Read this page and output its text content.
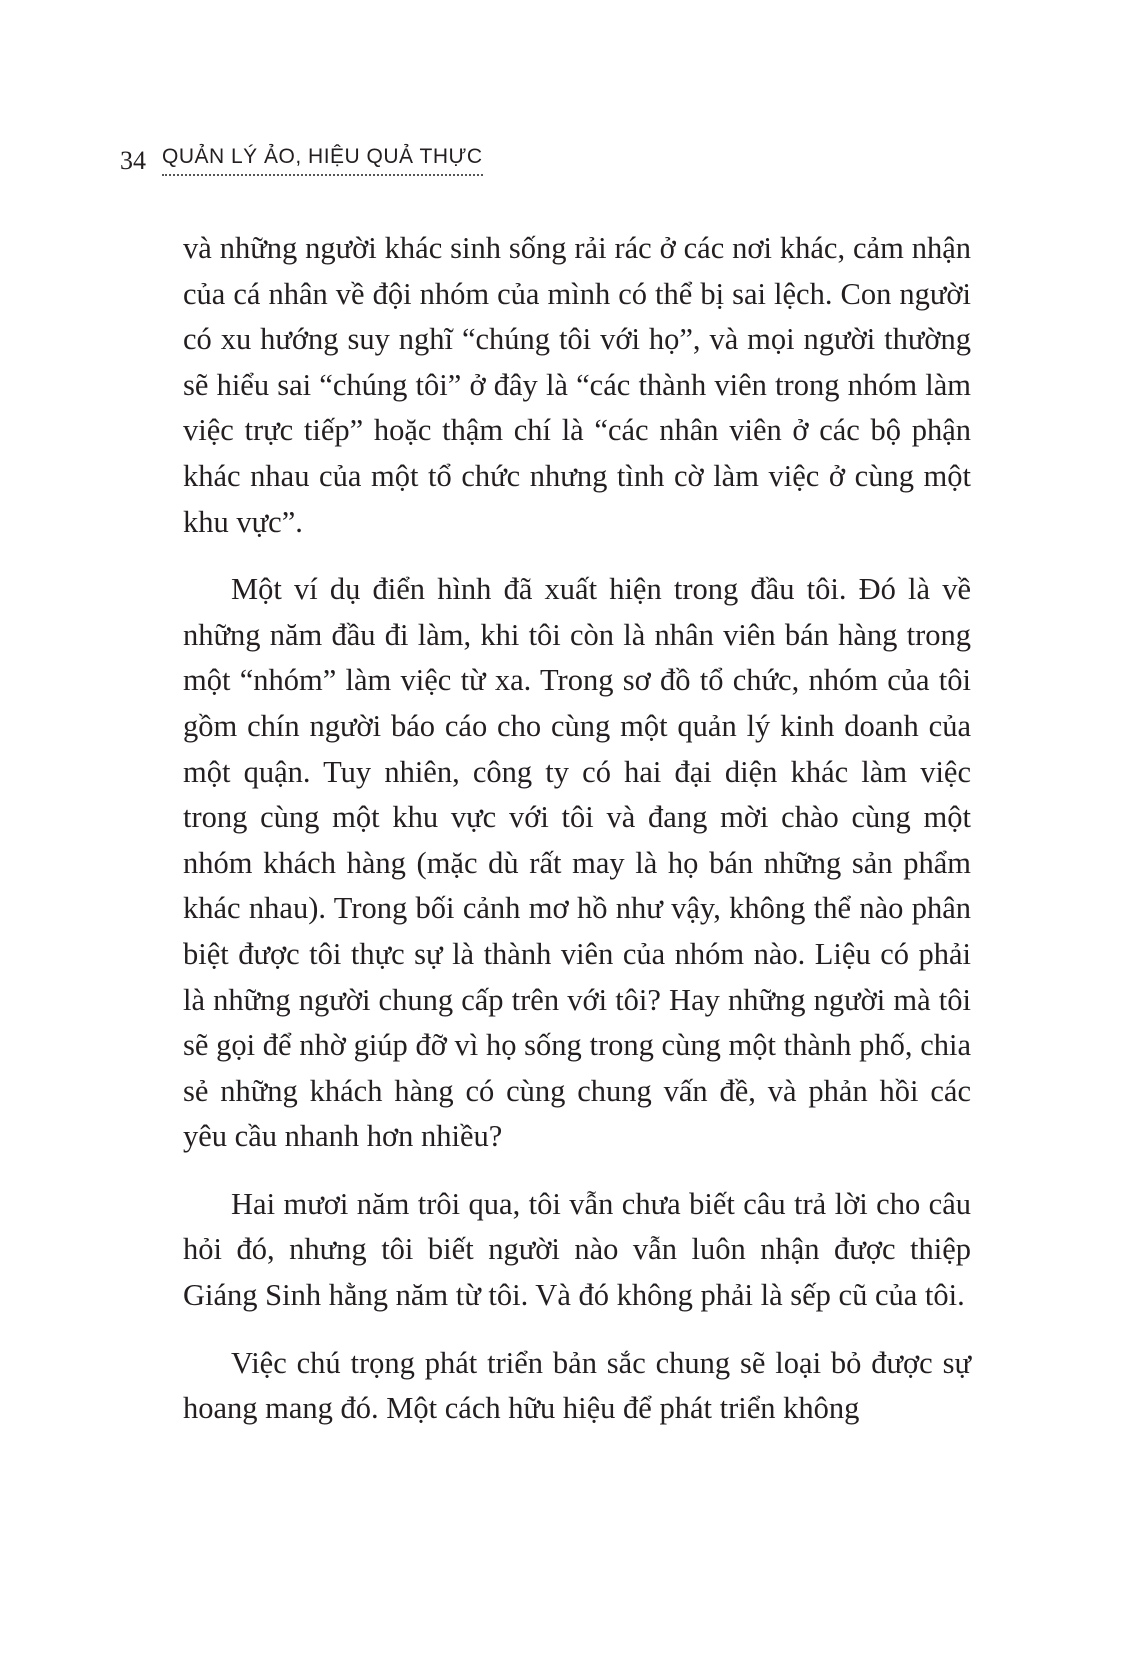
34 QUẢN LÝ ẢO, HIỆU QUẢ THỰC

và những người khác sinh sống rải rác ở các nơi khác, cảm nhận của cá nhân về đội nhóm của mình có thể bị sai lệch. Con người có xu hướng suy nghĩ “chúng tôi với họ”, và mọi người thường sẽ hiểu sai “chúng tôi” ở đây là “các thành viên trong nhóm làm việc trực tiếp” hoặc thậm chí là “các nhân viên ở các bộ phận khác nhau của một tổ chức nhưng tình cờ làm việc ở cùng một khu vực”.

Một ví dụ điển hình đã xuất hiện trong đầu tôi. Đó là về những năm đầu đi làm, khi tôi còn là nhân viên bán hàng trong một “nhóm” làm việc từ xa. Trong sơ đồ tổ chức, nhóm của tôi gồm chín người báo cáo cho cùng một quản lý kinh doanh của một quận. Tuy nhiên, công ty có hai đại diện khác làm việc trong cùng một khu vực với tôi và đang mời chào cùng một nhóm khách hàng (mặc dù rất may là họ bán những sản phẩm khác nhau). Trong bối cảnh mơ hồ như vậy, không thể nào phân biệt được tôi thực sự là thành viên của nhóm nào. Liệu có phải là những người chung cấp trên với tôi? Hay những người mà tôi sẽ gọi để nhờ giúp đỡ vì họ sống trong cùng một thành phố, chia sẻ những khách hàng có cùng chung vấn đề, và phản hồi các yêu cầu nhanh hơn nhiều?

Hai mươi năm trôi qua, tôi vẫn chưa biết câu trả lời cho câu hỏi đó, nhưng tôi biết người nào vẫn luôn nhận được thiệp Giáng Sinh hằng năm từ tôi. Và đó không phải là sếp cũ của tôi.

Việc chú trọng phát triển bản sắc chung sẽ loại bỏ được sự hoang mang đó. Một cách hữu hiệu để phát triển không
